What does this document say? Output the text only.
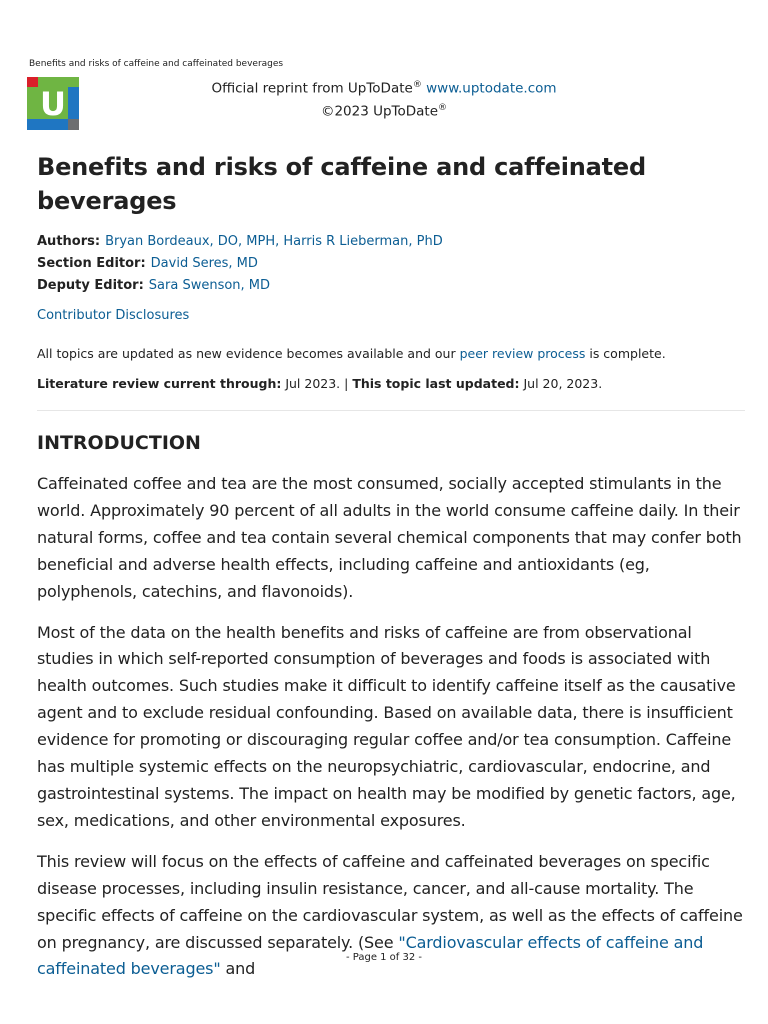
Benefits and risks of caffeine and caffeinated beverages
U	Official reprint from UpToDate® www.uptodate.com
©2023 UpToDate®
Benefits and risks of caffeine and caffeinated beverages
Authors: Bryan Bordeaux, DO, MPH, Harris R Lieberman, PhD
Section Editor: David Seres, MD
Deputy Editor: Sara Swenson, MD
Contributor Disclosures
All topics are updated as new evidence becomes available and our peer review process is complete.
Literature review current through: Jul 2023. | This topic last updated: Jul 20, 2023.
INTRODUCTION

Caffeinated coffee and tea are the most consumed, socially accepted stimulants in the world. Approximately 90 percent of all adults in the world consume caffeine daily. In their natural forms, coffee and tea contain several chemical components that may confer both beneficial and adverse health effects, including caffeine and antioxidants (eg, polyphenols, catechins, and flavonoids).

Most of the data on the health benefits and risks of caffeine are from observational studies in which self-reported consumption of beverages and foods is associated with health outcomes. Such studies make it difficult to identify caffeine itself as the causative agent and to exclude residual confounding. Based on available data, there is insufficient evidence for promoting or discouraging regular coffee and/or tea consumption. Caffeine has multiple systemic effects on the neuropsychiatric, cardiovascular, endocrine, and gastrointestinal systems. The impact on health may be modified by genetic factors, age, sex, medications, and other environmental exposures.

This review will focus on the effects of caffeine and caffeinated beverages on specific disease processes, including insulin resistance, cancer, and all-cause mortality. The specific effects of caffeine on the cardiovascular system, as well as the effects of caffeine on pregnancy, are discussed separately. (See "Cardiovascular effects of caffeine and caffeinated beverages" and

- Page 1 of 32 -
